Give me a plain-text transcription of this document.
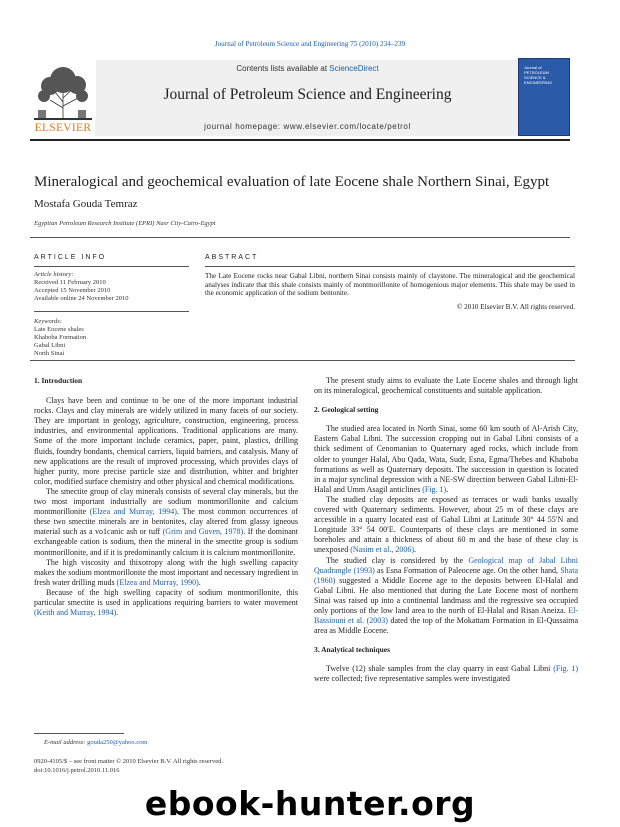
Journal of Petroleum Science and Engineering 75 (2010) 234–239
Contents lists available at ScienceDirect
Journal of Petroleum Science and Engineering
journal homepage: www.elsevier.com/locate/petrol
ELSEVIER
Journal of
PETROLEUM
SCIENCE &
ENGINEERING
Mineralogical and geochemical evaluation of late Eocene shale Northern Sinai, Egypt
Mostafa Gouda Temraz
Egyptian Petroleum Research Institute (EPRI) Nasr City-Cairo-Egypt
ARTICLE INFO
Article history:
Received 11 February 2010
Accepted 15 November 2010
Available online 24 November 2010
Keywords:
Late Eocene shales
Khaboba Formation
Gabal Libni
North Sinai
ABSTRACT
The Late Eocene rocks near Gabal Libni, northern Sinai consists mainly of claystone. The mineralogical and the geochemical analyses indicate that this shale consists mainly of montmorillonite of homogenious major elements. This shale may be used in the economic application of the sodium bentonite.
© 2010 Elsevier B.V. All rights reserved.

1. Introduction

Clays have been and continue to be one of the more important industrial rocks. Clays and clay minerals are widely utilized in many facets of our society. They are important in geology, agriculture, construction, engineering, process industries, and environmental applications. Traditional applications are many. Some of the more important include ceramics, paper, paint, plastics, drilling fluids, foundry bondants, chemical carriers, liquid barriers, and catalysis. Many of new applications are the result of improved processing, which provides clays of higher purity, more precise particle size and distribution, whiter and brighter color, modified surface chemistry and other physical and chemical modifications.

The smectite group of clay minerals consists of several clay minerals, but the two most important industrially are sodium montmorillonite and calcium montmorillonite (Elzea and Murray, 1994). The most common occurrences of these two smectite minerals are in bentonites, clay altered from glassy igneous material such as a vo1canic ash or tuff (Grim and Guven, 1978). If the dominant exchangeable cation is sodium, then the mineral in the smectite group is sodium montmorillonite, and if it is predominantly calcium it is calcium montmorillonite.

The high viscosity and thixotropy along with the high swelling capacity makes the sodium montmorillonite the most important and necessary ingredient in fresh water drilling muds (Elzea and Murray, 1990).

Because of the high swelling capacity of sodium montmorillonite, this particular smectite is used in applications requiring barriers to water movement (Keith and Murray, 1994).

The present study aims to evaluate the Late Eocene shales and through light on its mineralogical, geochemical constituents and suitable application.

2. Geological setting

The studied area located in North Sinai, some 60 km south of Al-Arish City, Eastern Gabal Libni. The succession cropping out in Gabal Libni consists of a thick sediment of Cenomanian to Quaternary aged rocks, which include from older to younger Halal, Abu Qada, Wata, Sudr, Esna, Egma/Thebes and Khaboba formations as well as Quaternary deposits. The succession in question is located in a major synclinal depression with a NE-SW direction between Gabal Libni-El-Halal and Umm Asagil anticlines (Fig. 1).

The studied clay deposits are exposed as terraces or wadi banks usually covered with Quaternary sediments. However, about 25 m of these clays are accessible in a quarry located east of Gabal Libni at Latitude 30° 44 55′N and Longitude 33° 54 00′E. Counterparts of these clays are mentioned in some boreholes and attain a thickness of about 60 m and the base of these clay is unexposed (Nasim et al., 2006).

The studied clay is considered by the Geological map of Jabal Libni Quadrangle (1993) as Esna Formation of Paleocene age. On the other hand, Shata (1960) suggested a Middle Eocene age to the deposits between El-Halal and Gabal Libni. He also mentioned that during the Late Eocene most of northern Sinai was raised up into a continental landmass and the regressive sea occupied only portions of the low land area to the north of El-Halal and Risan Aneiza. El-Bassiouni et al. (2003) dated the top of the Mokattam Formation in El-Qussaima area as Middle Eocene.

3. Analytical techniques

Twelve (12) shale samples from the clay quarry in east Gabal Libni (Fig. 1) were collected; five representative samples were investigated

E-mail address: gouda250@yahoo.com
0920-4105/$ – see front matter © 2010 Elsevier B.V. All rights reserved.
doi:10.1016/j.petrol.2010.11.016
ebook-hunter.org
